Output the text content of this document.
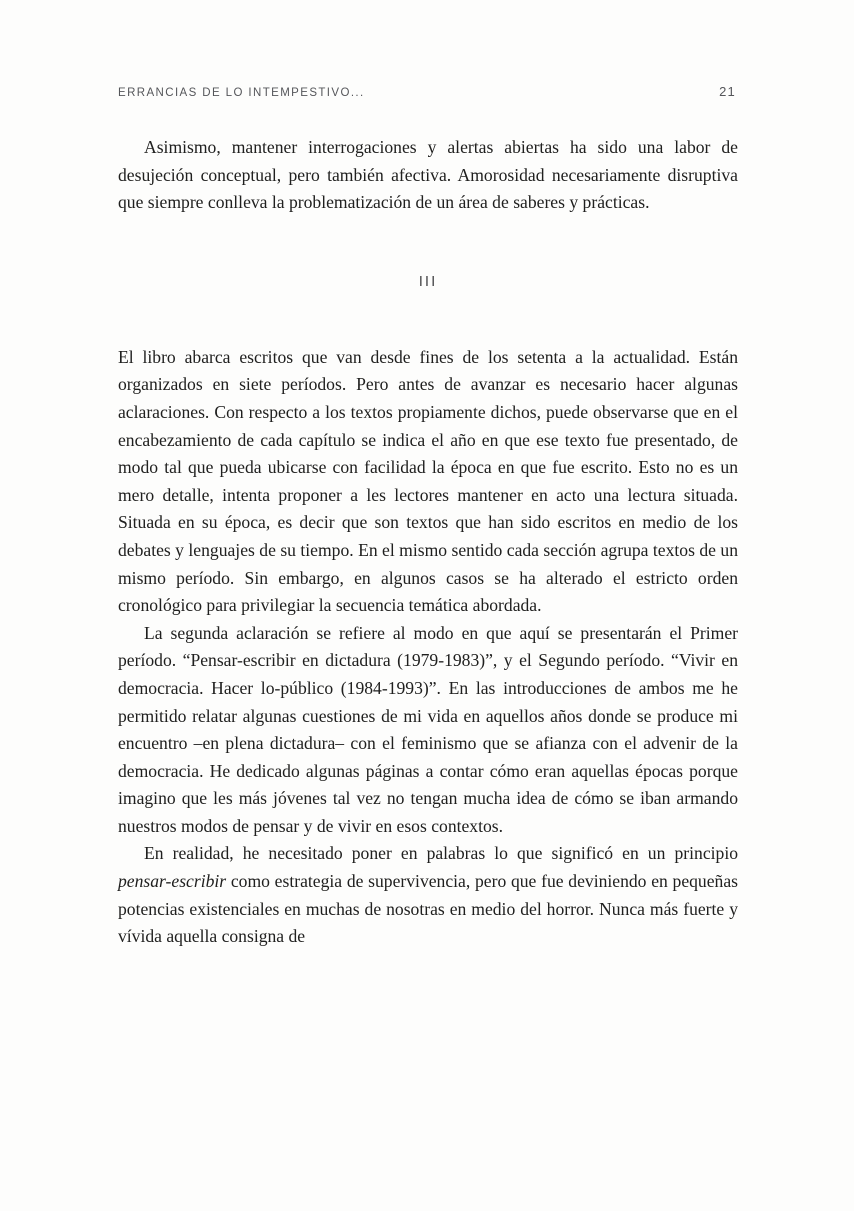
ERRANCIAS DE LO INTEMPESTIVO...	21

Asimismo, mantener interrogaciones y alertas abiertas ha sido una labor de desujeción conceptual, pero también afectiva. Amorosidad necesariamente disruptiva que siempre conlleva la problematización de un área de saberes y prácticas.

III

El libro abarca escritos que van desde fines de los setenta a la actualidad. Están organizados en siete períodos. Pero antes de avanzar es necesario hacer algunas aclaraciones. Con respecto a los textos propiamente dichos, puede observarse que en el encabezamiento de cada capítulo se indica el año en que ese texto fue presentado, de modo tal que pueda ubicarse con facilidad la época en que fue escrito. Esto no es un mero detalle, intenta proponer a les lectores mantener en acto una lectura situada. Situada en su época, es decir que son textos que han sido escritos en medio de los debates y lenguajes de su tiempo. En el mismo sentido cada sección agrupa textos de un mismo período. Sin embargo, en algunos casos se ha alterado el estricto orden cronológico para privilegiar la secuencia temática abordada.

La segunda aclaración se refiere al modo en que aquí se presentarán el Primer período. “Pensar-escribir en dictadura (1979-1983)”, y el Segundo período. “Vivir en democracia. Hacer lo-público (1984-1993)”. En las introducciones de ambos me he permitido relatar algunas cuestiones de mi vida en aquellos años donde se produce mi encuentro –en plena dictadura– con el feminismo que se afianza con el advenir de la democracia. He dedicado algunas páginas a contar cómo eran aquellas épocas porque imagino que les más jóvenes tal vez no tengan mucha idea de cómo se iban armando nuestros modos de pensar y de vivir en esos contextos.

En realidad, he necesitado poner en palabras lo que significó en un principio pensar-escribir como estrategia de supervivencia, pero que fue deviniendo en pequeñas potencias existenciales en muchas de nosotras en medio del horror. Nunca más fuerte y vívida aquella consigna de
